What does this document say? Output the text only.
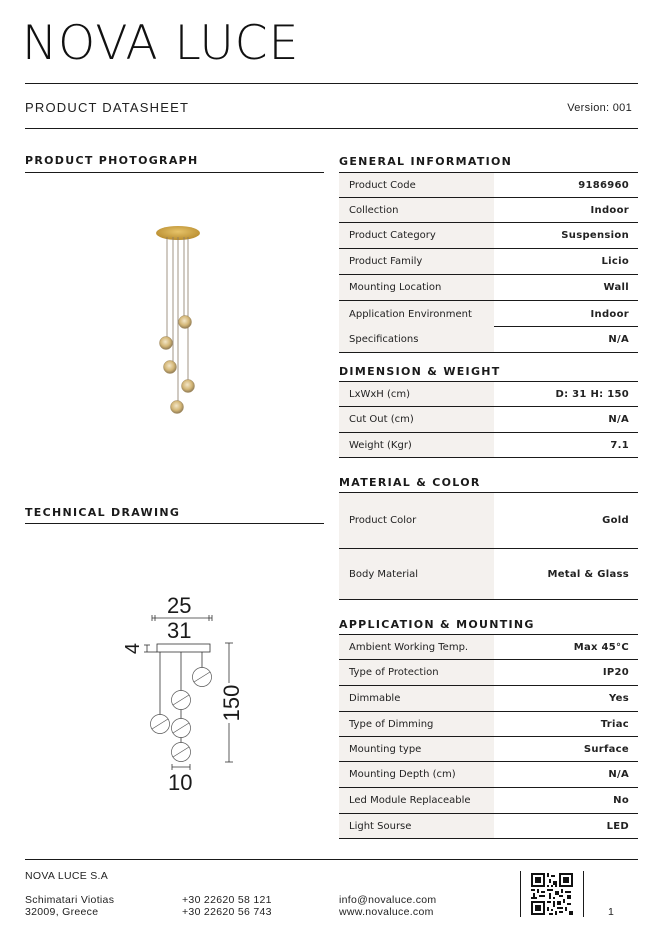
NOVA LUCE
PRODUCT DATASHEET	Version: 001
PRODUCT PHOTOGRAPH
TECHNICAL DRAWING
25
31
4
150
10
GENERAL INFORMATION
Product Code	9186960
Collection	Indoor
Product Category	Suspension
Product Family	Licio
Mounting Location	Wall
Application Environment	Indoor
Specifications	N/A
DIMENSION & WEIGHT
LxWxH (cm)	D: 31 H: 150
Cut Out (cm)	N/A
Weight (Kgr)	7.1
MATERIAL & COLOR
Product Color	Gold
Body Material	Metal & Glass
APPLICATION & MOUNTING
Ambient Working Temp.	Max 45°C
Type of Protection	IP20
Dimmable	Yes
Type of Dimming	Triac
Mounting type	Surface
Mounting Depth (cm)	N/A
Led Module Replaceable	No
Light Sourse	LED
NOVA LUCE S.A
Schimatari Viotias
32009, Greece
+30 22620 58 121
+30 22620 56 743
info@novaluce.com
www.novaluce.com	1
